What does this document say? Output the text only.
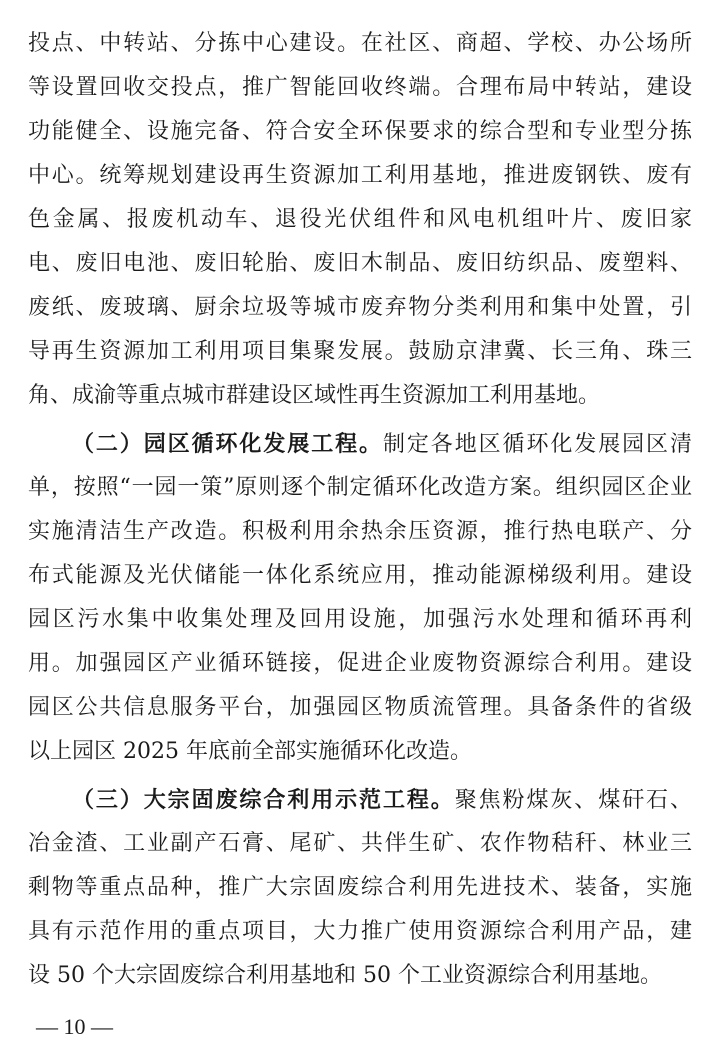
投点、中转站、分拣中心建设。在社区、商超、学校、办公场所
等设置回收交投点，推广智能回收终端。合理布局中转站，建设
功能健全、设施完备、符合安全环保要求的综合型和专业型分拣
中心。统筹规划建设再生资源加工利用基地，推进废钢铁、废有
色金属、报废机动车、退役光伏组件和风电机组叶片、废旧家
电、废旧电池、废旧轮胎、废旧木制品、废旧纺织品、废塑料、
废纸、废玻璃、厨余垃圾等城市废弃物分类利用和集中处置，引
导再生资源加工利用项目集聚发展。鼓励京津冀、长三角、珠三
角、成渝等重点城市群建设区域性再生资源加工利用基地。
（二）园区循环化发展工程。制定各地区循环化发展园区清
单，按照“一园一策”原则逐个制定循环化改造方案。组织园区企业
实施清洁生产改造。积极利用余热余压资源，推行热电联产、分
布式能源及光伏储能一体化系统应用，推动能源梯级利用。建设
园区污水集中收集处理及回用设施，加强污水处理和循环再利
用。加强园区产业循环链接，促进企业废物资源综合利用。建设
园区公共信息服务平台，加强园区物质流管理。具备条件的省级
以上园区 2025 年底前全部实施循环化改造。
（三）大宗固废综合利用示范工程。聚焦粉煤灰、煤矸石、
冶金渣、工业副产石膏、尾矿、共伴生矿、农作物秸秆、林业三
剩物等重点品种，推广大宗固废综合利用先进技术、装备，实施
具有示范作用的重点项目，大力推广使用资源综合利用产品，建
设 50 个大宗固废综合利用基地和 50 个工业资源综合利用基地。
— 10 —
